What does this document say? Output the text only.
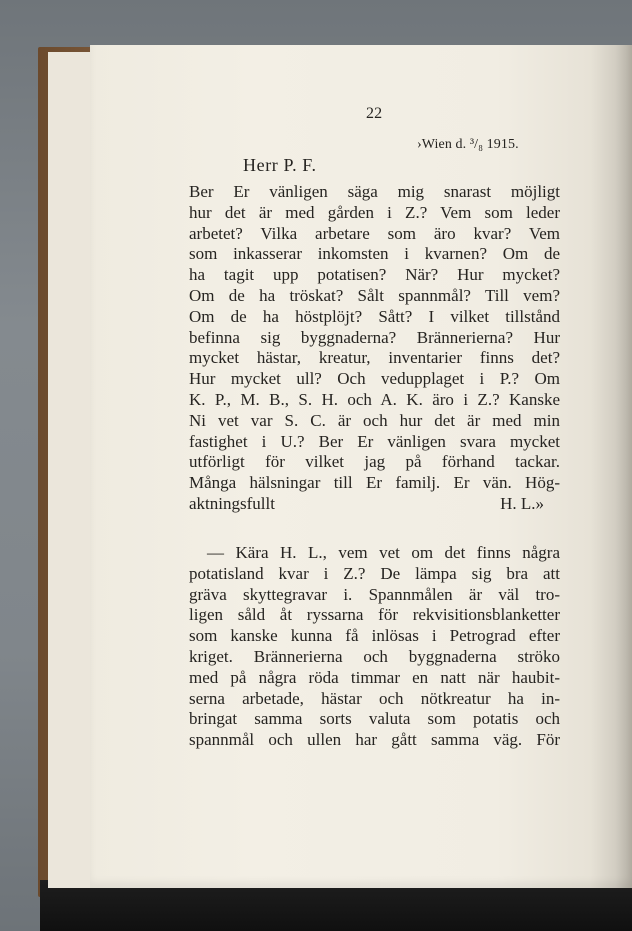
22
›Wien d. ³/₈ 1915.
Herr P. F.
Ber Er vänligen säga mig snarast möjligt
hur det är med gården i Z.? Vem som leder
arbetet? Vilka arbetare som äro kvar? Vem
som inkasserar inkomsten i kvarnen? Om de
ha tagit upp potatisen? När? Hur mycket?
Om de ha tröskat? Sålt spannmål? Till vem?
Om de ha höstplöjt? Sått? I vilket tillstånd
befinna sig byggnaderna? Brännerierna? Hur
mycket hästar, kreatur, inventarier finns det?
Hur mycket ull? Och vedupplaget i P.? Om
K. P., M. B., S. H. och A. K. äro i Z.? Kanske
Ni vet var S. C. är och hur det är med min
fastighet i U.? Ber Er vänligen svara mycket
utförligt för vilket jag på förhand tackar.
Många hälsningar till Er familj. Er vän. Hög-
aktningsfullt	H. L.»
— Kära H. L., vem vet om det finns några
potatisland kvar i Z.? De lämpa sig bra att
gräva skyttegravar i. Spannmålen är väl tro-
ligen såld åt ryssarna för rekvisitionsblanketter
som kanske kunna få inlösas i Petrograd efter
kriget. Brännerierna och byggnaderna ströko
med på några röda timmar en natt när haubit-
serna arbetade, hästar och nötkreatur ha in-
bringat samma sorts valuta som potatis och
spannmål och ullen har gått samma väg. För
